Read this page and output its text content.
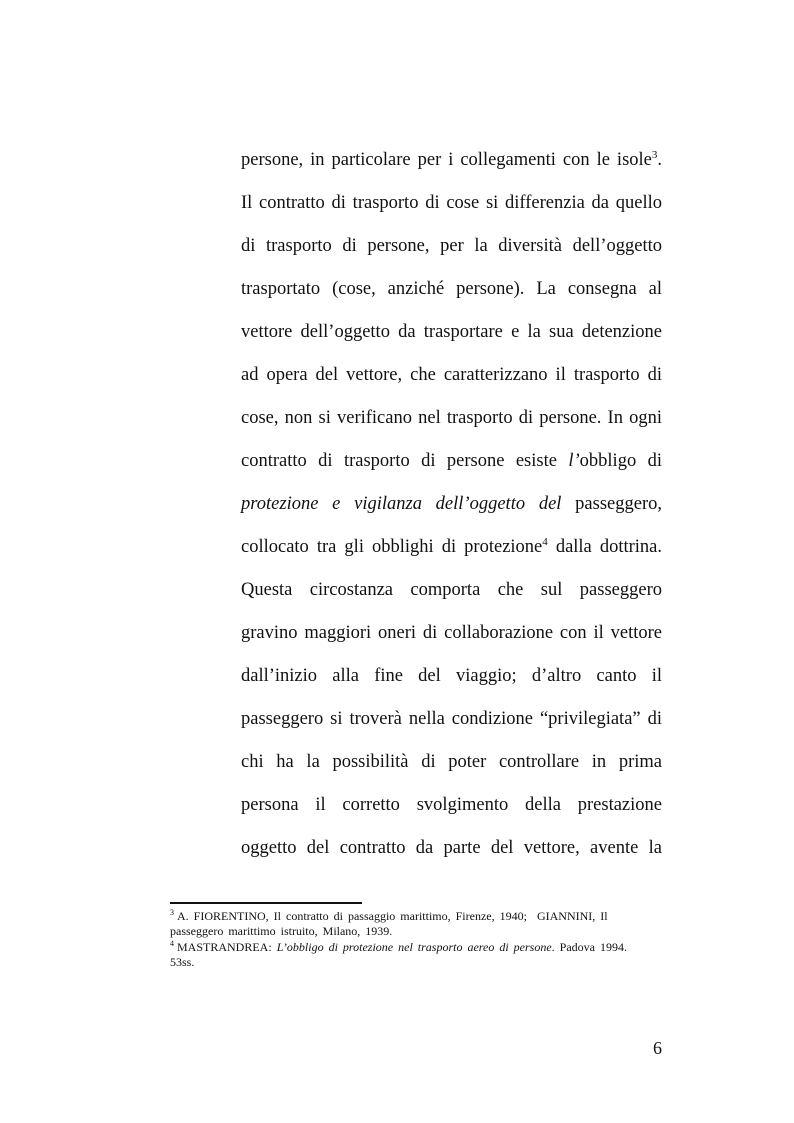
persone, in particolare per i collegamenti con le isole$^3$.
Il contratto di trasporto di cose si differenzia da quello
di trasporto di persone, per la diversità dell’oggetto
trasportato (cose, anziché persone). La consegna al
vettore dell’oggetto da trasportare e la sua detenzione
ad opera del vettore, che caratterizzano il trasporto di
cose, non si verificano nel trasporto di persone. In ogni
contratto di trasporto di persone esiste l’obbligo di
protezione e vigilanza dell’oggetto del passeggero,
collocato tra gli obblighi di protezione$^4$ dalla dottrina.
Questa circostanza comporta che sul passeggero
gravino maggiori oneri di collaborazione con il vettore
dall’inizio alla fine del viaggio; d’altro canto il
passeggero si troverà nella condizione “privilegiata” di
chi ha la possibilità di poter controllare in prima
persona il corretto svolgimento della prestazione
oggetto del contratto da parte del vettore, avente la
$^3$ A. FIORENTINO, Il contratto di passaggio marittimo, Firenze, 1940;  GIANNINI, Il
passeggero marittimo istruito, Milano, 1939.
$^4$ MASTRANDREA: L’obbligo di protezione nel trasporto aereo di persone. Padova 1994.
53ss.
6
